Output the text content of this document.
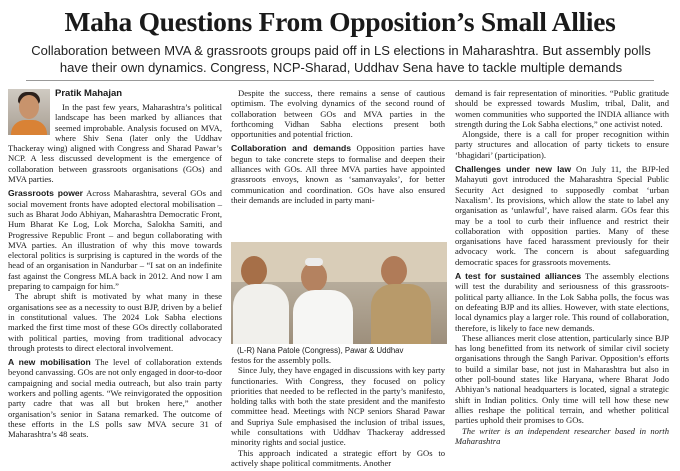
Maha Questions From Opposition’s Small Allies
Collaboration between MVA & grassroots groups paid off in LS elections in Maharashtra. But assembly polls have their own dynamics. Congress, NCP-Sharad, Uddhav Sena have to tackle multiple demands
Pratik Mahajan

In the past few years, Maharashtra’s political landscape has been marked by alliances that seemed improbable. Analysis focused on MVA, where Shiv Sena (later only the Uddhav Thackeray wing) aligned with Congress and Sharad Pawar’s NCP. A less discussed development is the emergence of collaboration between grassroots organisations (GOs) and MVA parties.

Grassroots power Across Maharashtra, several GOs and social movement fronts have adopted electoral mobilisation – such as Bharat Jodo Abhiyan, Maharashtra Democratic Front, Hum Bharat Ke Log, Lok Morcha, Salokha Samiti, and Progressive Republic Front – and begun collaborating with MVA parties. An illustration of why this move towards electoral politics is surprising is captured in the words of the head of an organisation in Nandurbar – “I sat on an indefinite fast against the Congress MLA back in 2012. And now I am preparing to campaign for him.”

The abrupt shift is motivated by what many in these organisations see as a necessity to oust BJP, driven by a belief in constitutional values. The 2024 Lok Sabha elections marked the first time most of these GOs directly collaborated with political parties, moving from traditional advocacy through protests to direct electoral involvement.

A new mobilisation The level of collaboration extends beyond canvassing. GOs are not only engaged in door-to-door campaigning and social media outreach, but also train party workers and polling agents. “We reinvigorated the opposition party cadre that was all but broken here,” another organisation’s senior in Satana remarked. The outcome of these efforts in the LS polls saw MVA secure 31 of Maharashtra’s 48 seats.

Despite the success, there remains a sense of cautious optimism. The evolving dynamics of the second round of collaboration between GOs and MVA parties in the forthcoming Vidhan Sabha elections present both opportunities and potential friction.

Collaboration and demands Opposition parties have begun to take concrete steps to formalise and deepen their alliances with GOs. All three MVA parties have appointed grassroots envoys, known as ‘samanvayaks’, for better communication and coordination. GOs have also ensured their demands are included in party mani-

(L-R) Nana Patole (Congress), Pawar & Uddhav

festos for the assembly polls.

Since July, they have engaged in discussions with key party functionaries. With Congress, they focused on policy priorities that needed to be reflected in the party’s manifesto, holding talks with both the state president and the manifesto committee head. Meetings with NCP seniors Sharad Pawar and Supriya Sule emphasised the inclusion of tribal issues, while consultations with Uddhav Thackeray addressed minority rights and social justice.

This approach indicated a strategic effort by GOs to actively shape political commitments. Another

demand is fair representation of minorities. “Public gratitude should be expressed towards Muslim, tribal, Dalit, and women communities who supported the INDIA alliance with strength during the Lok Sabha elections,” one activist noted.

Alongside, there is a call for proper recognition within party structures and allocation of party tickets to ensure ‘bhagidari’ (participation).

Challenges under new law On July 11, the BJP-led Mahayuti govt introduced the Maharashtra Special Public Security Act designed to supposedly combat ‘urban Naxalism’. Its provisions, which allow the state to label any organisation as ‘unlawful’, have raised alarm. GOs fear this may be a tool to curb their influence and restrict their collaboration with opposition parties. Many of these organisations have faced harassment previously for their advocacy work. The concern is about safeguarding democratic spaces for grassroots movements.

A test for sustained alliances The assembly elections will test the durability and seriousness of this grassroots-political party alliance. In the Lok Sabha polls, the focus was on defeating BJP and its allies. However, with state elections, local dynamics play a larger role. This round of collaboration, therefore, is likely to face new demands.

These alliances merit close attention, particularly since BJP has long benefitted from its network of similar civil society organisations through the Sangh Parivar. Opposition’s efforts to build a similar base, not just in Maharashtra but also in other poll-bound states like Haryana, where Bharat Jodo Abhiyan’s national headquarters is located, signal a strategic shift in Indian politics. Only time will tell how these new allies reshape the political terrain, and whether political parties uphold their promises to GOs.

The writer is an independent researcher based in north Maharashtra
